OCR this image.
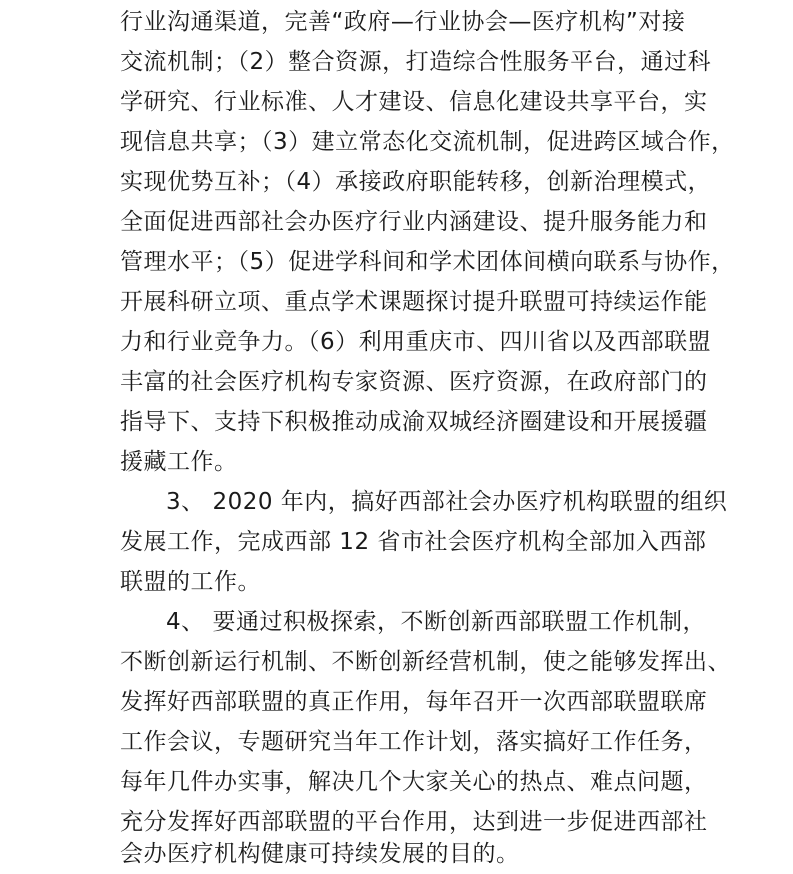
行业沟通渠道，完善“政府—行业协会—医疗机构”对接
交流机制；（2）整合资源，打造综合性服务平台，通过科
学研究、行业标准、人才建设、信息化建设共享平台，实
现信息共享；（3）建立常态化交流机制，促进跨区域合作，
实现优势互补；（4）承接政府职能转移，创新治理模式，
全面促进西部社会办医疗行业内涵建设、提升服务能力和
管理水平；（5）促进学科间和学术团体间横向联系与协作，
开展科研立项、重点学术课题探讨提升联盟可持续运作能
力和行业竞争力。（6）利用重庆市、四川省以及西部联盟
丰富的社会医疗机构专家资源、医疗资源，在政府部门的
指导下、支持下积极推动成渝双城经济圈建设和开展援疆
援藏工作。
3、 2020 年内，搞好西部社会办医疗机构联盟的组织
发展工作，完成西部 12 省市社会医疗机构全部加入西部
联盟的工作。
4、 要通过积极探索，不断创新西部联盟工作机制，
不断创新运行机制、不断创新经营机制，使之能够发挥出、
发挥好西部联盟的真正作用，每年召开一次西部联盟联席
工作会议，专题研究当年工作计划，落实搞好工作任务，
每年几件办实事，解决几个大家关心的热点、难点问题，
充分发挥好西部联盟的平台作用，达到进一步促进西部社
会办医疗机构健康可持续发展的目的。
